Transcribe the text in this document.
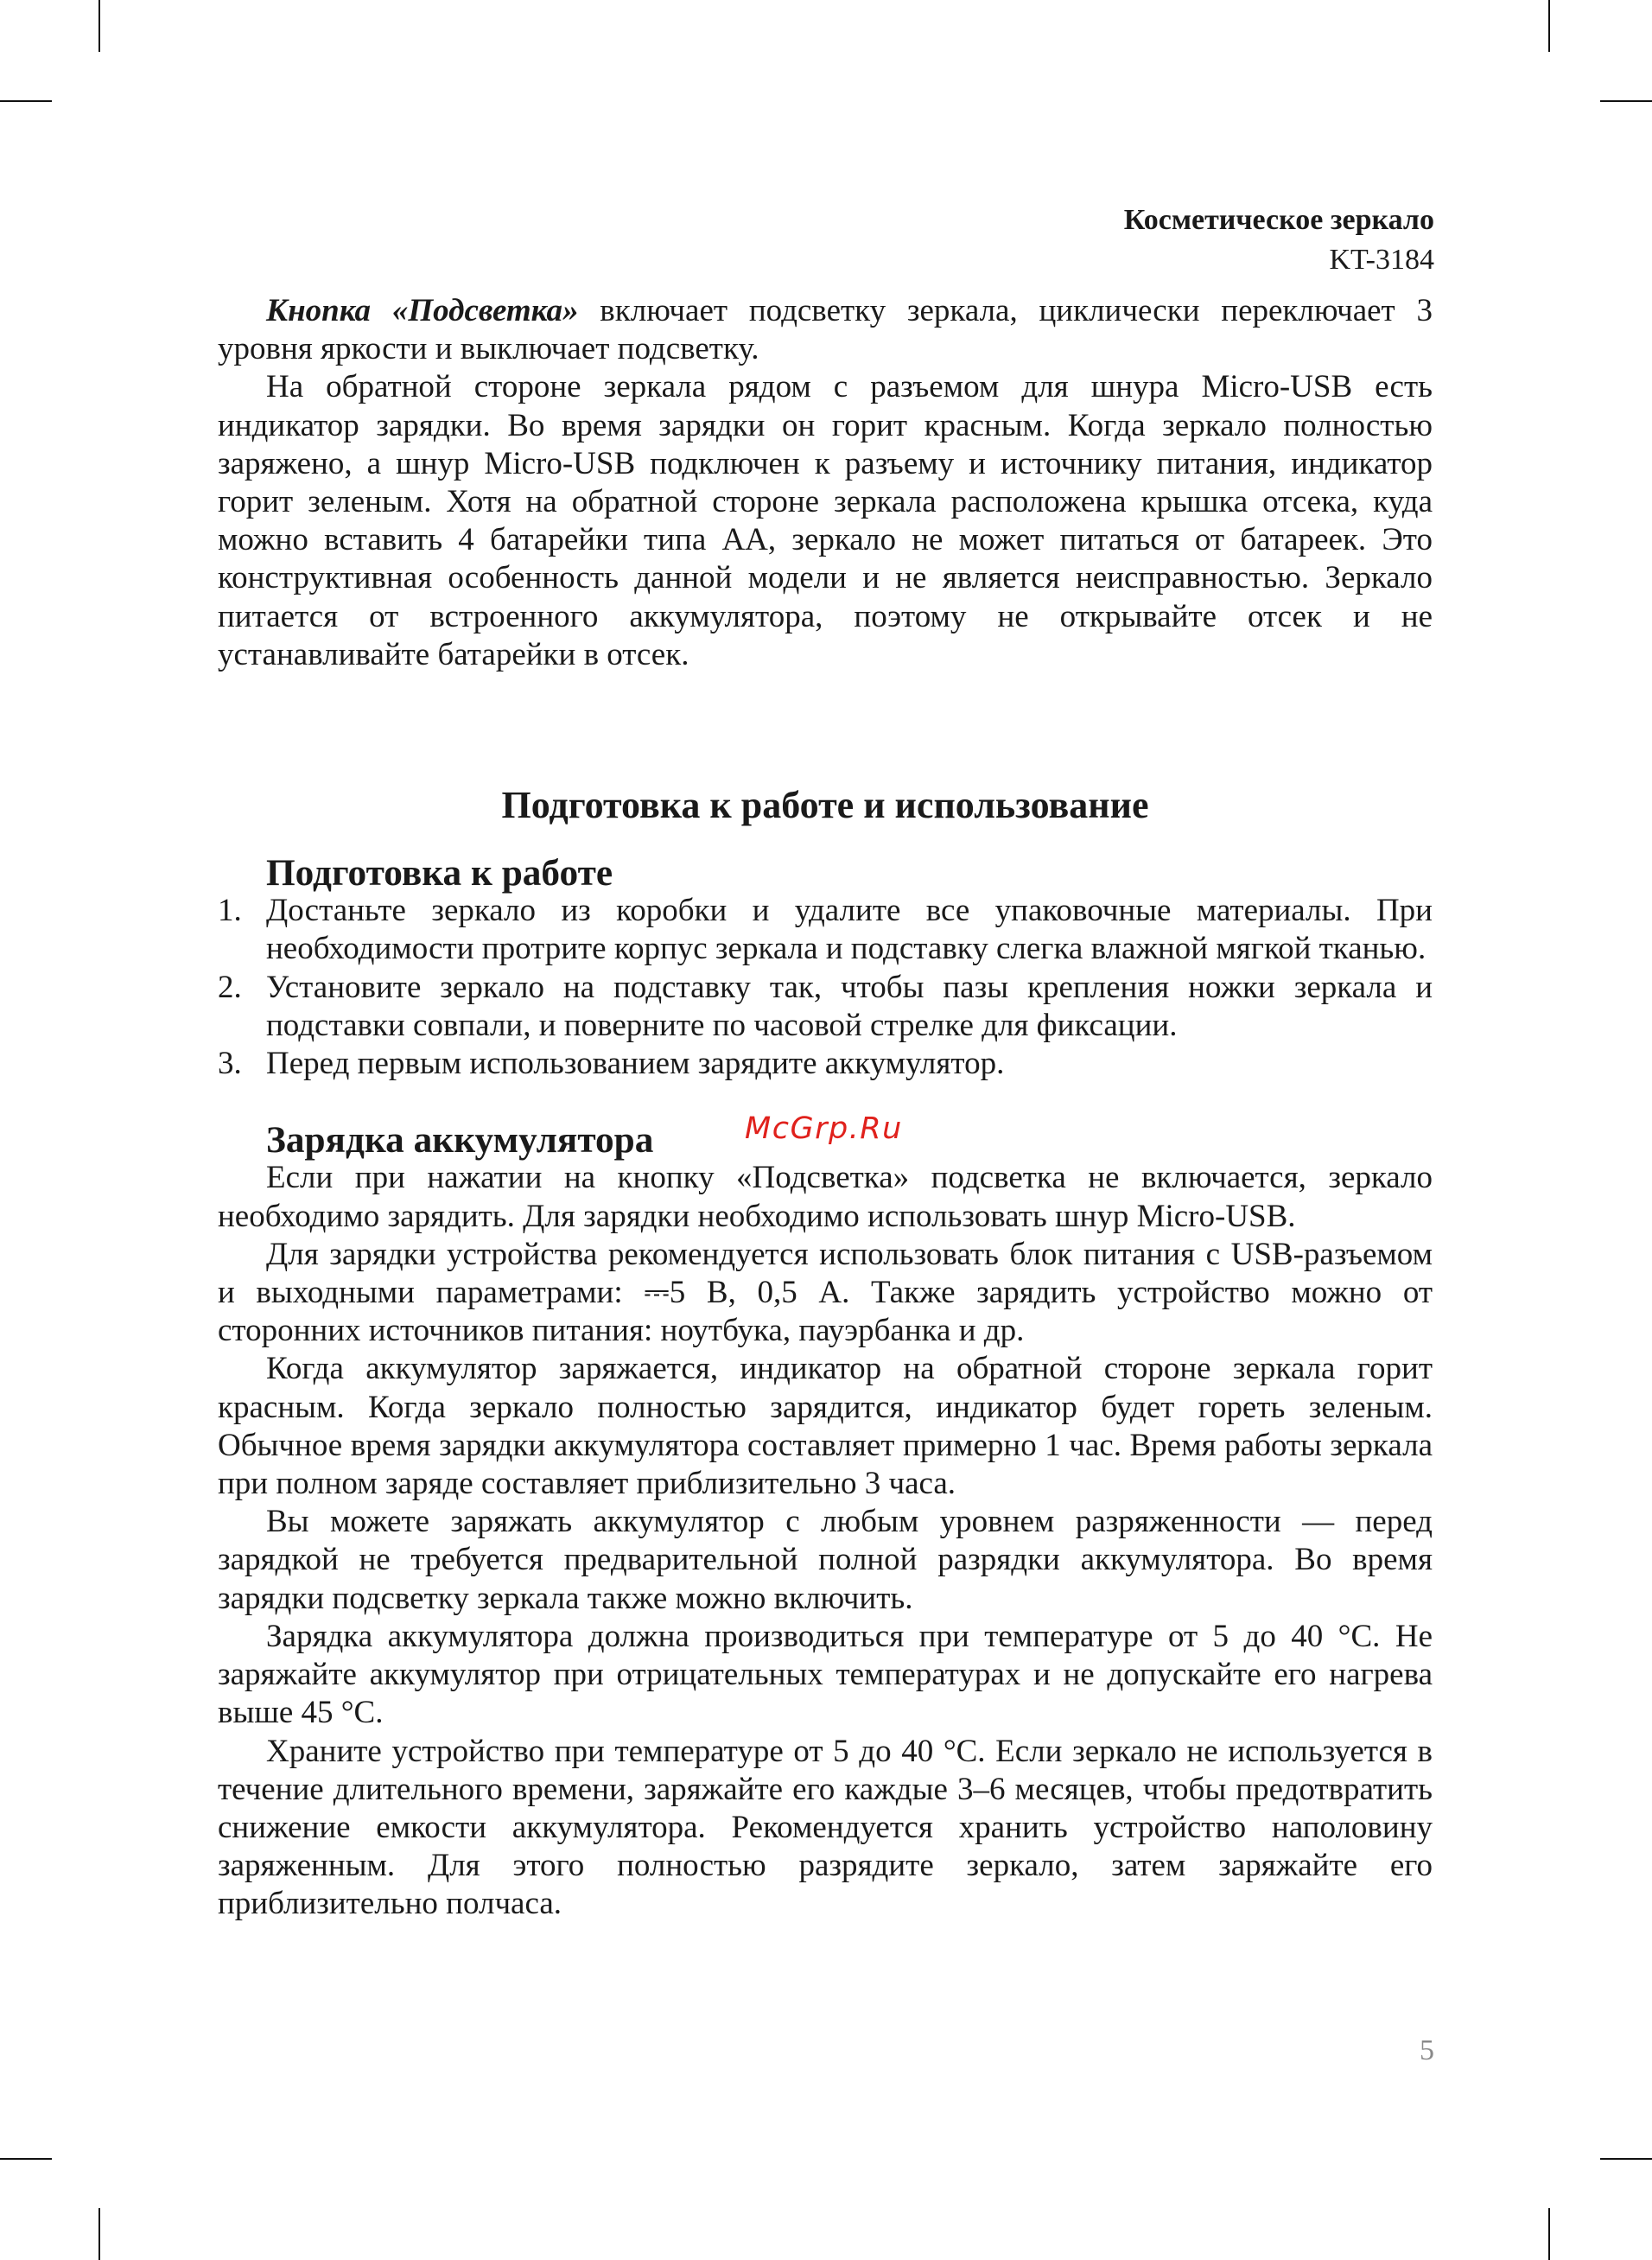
Косметическое зеркало
KT-3184

Кнопка «Подсветка» включает подсветку зеркала, циклически переключает 3 уровня яркости и выключает подсветку.

На обратной стороне зеркала рядом с разъемом для шнура Micro-USB есть индикатор зарядки. Во время зарядки он горит красным. Когда зеркало полностью заряжено, а шнур Micro-USB подключен к разъему и источнику питания, индикатор горит зеленым. Хотя на обратной стороне зеркала расположена крышка отсека, куда можно вставить 4 батарейки типа AA, зеркало не может питаться от батареек. Это конструктивная особенность данной модели и не является неисправностью. Зеркало питается от встроенного аккумулятора, поэтому не открывайте отсек и не устанавливайте батарейки в отсек.

Подготовка к работе и использование
Подготовка к работе
1. Достаньте зеркало из коробки и удалите все упаковочные материалы. При необходимости протрите корпус зеркала и подставку слегка влажной мягкой тканью.
2. Установите зеркало на подставку так, чтобы пазы крепления ножки зеркала и подставки совпали, и поверните по часовой стрелке для фиксации.
3. Перед первым использованием зарядите аккумулятор.
Зарядка аккумулятора

Если при нажатии на кнопку «Подсветка» подсветка не включается, зеркало необходимо зарядить. Для зарядки необходимо использовать шнур Micro-USB.

Для зарядки устройства рекомендуется использовать блок питания с USB-разъемом и выходными параметрами: ⎓5 В, 0,5 А. Также зарядить устройство можно от сторонних источников питания: ноутбука, пауэрбанка и др.

Когда аккумулятор заряжается, индикатор на обратной стороне зеркала горит красным. Когда зеркало полностью зарядится, индикатор будет гореть зеленым. Обычное время зарядки аккумулятора составляет примерно 1 час. Время работы зеркала при полном заряде составляет приблизительно 3 часа.

Вы можете заряжать аккумулятор с любым уровнем разряженности — перед зарядкой не требуется предварительной полной разрядки аккумулятора. Во время зарядки подсветку зеркала также можно включить.

Зарядка аккумулятора должна производиться при температуре от 5 до 40 °C. Не заряжайте аккумулятор при отрицательных температурах и не допускайте его нагрева выше 45 °C.

Храните устройство при температуре от 5 до 40 °C. Если зеркало не используется в течение длительного времени, заряжайте его каждые 3–6 месяцев, чтобы предотвратить снижение емкости аккумулятора. Рекомендуется хранить устройство наполовину заряженным. Для этого полностью разрядите зеркало, затем заряжайте его приблизительно полчаса.

McGrp.Ru
5
